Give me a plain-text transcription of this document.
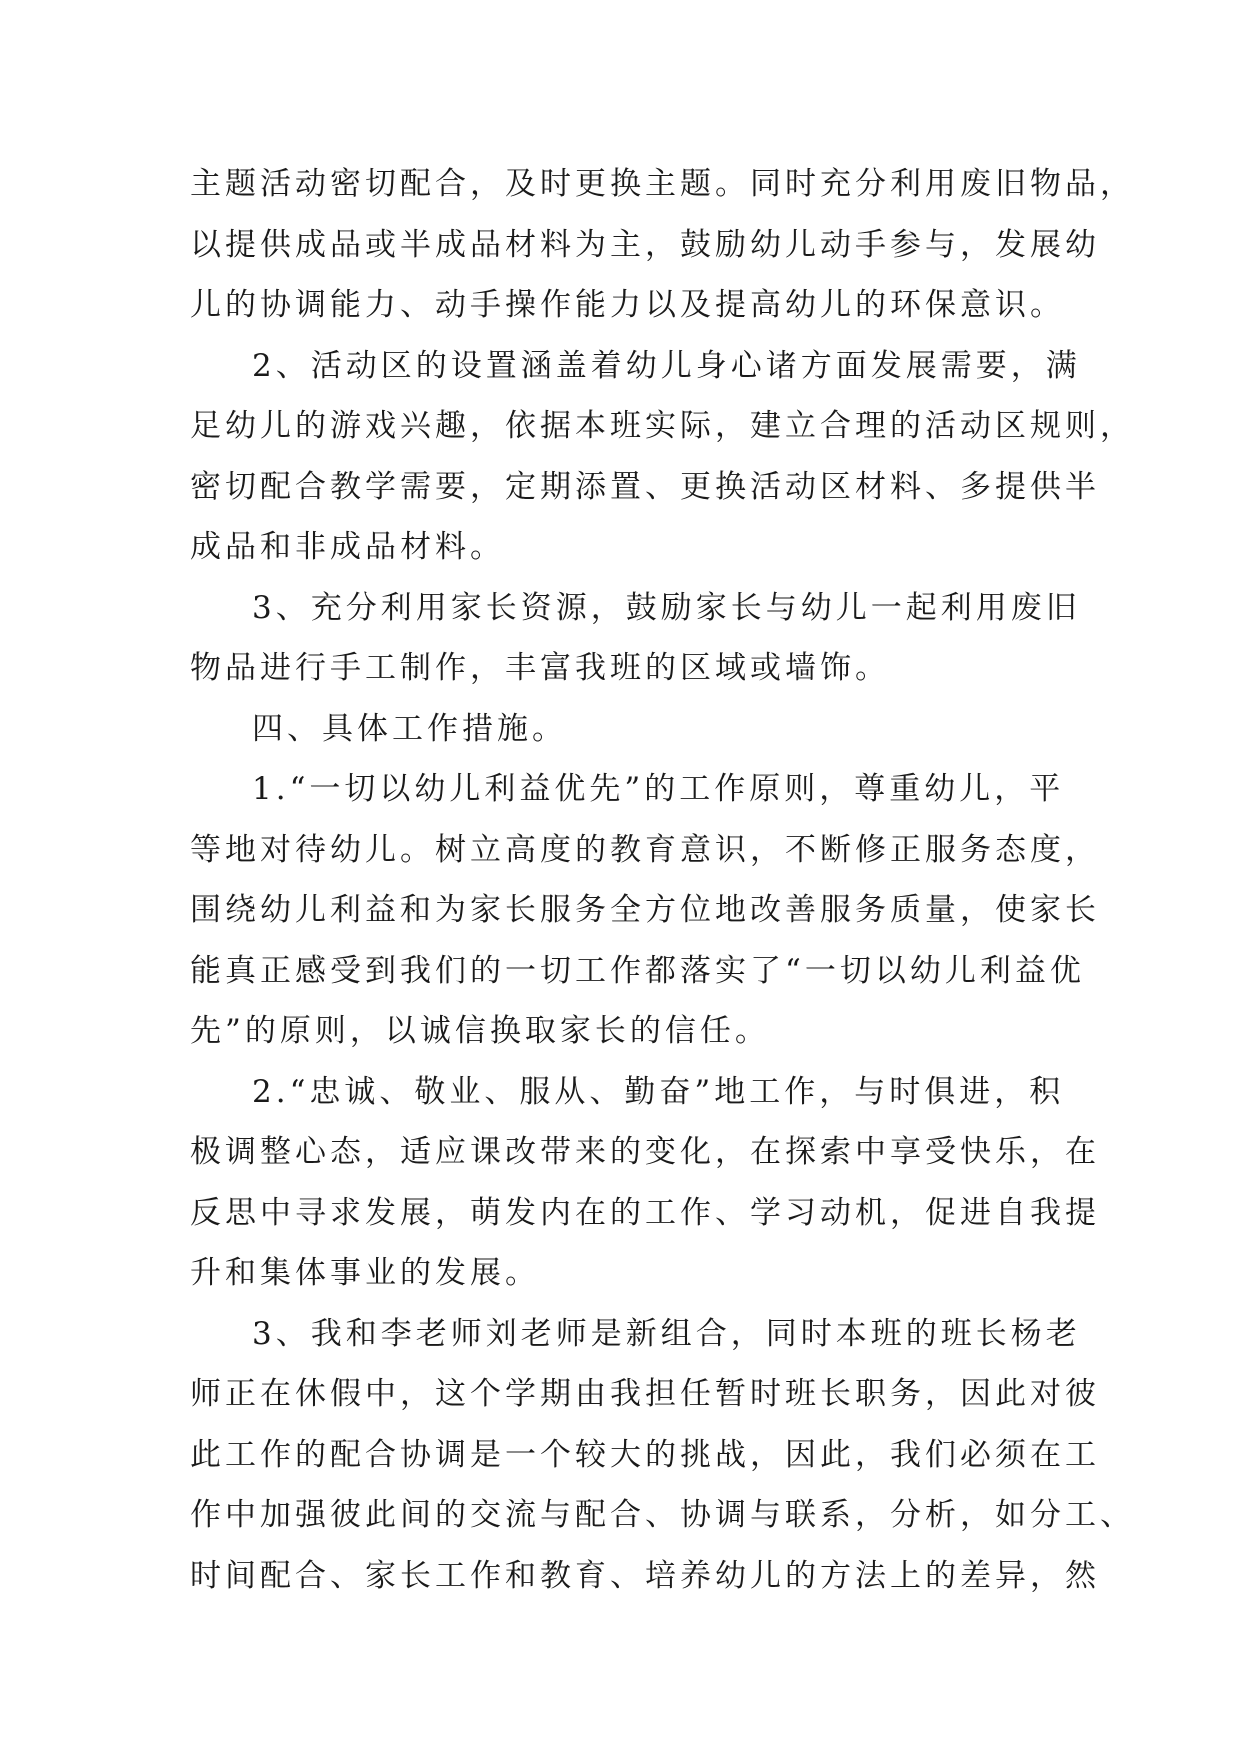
主题活动密切配合，及时更换主题。同时充分利用废旧物品，
以提供成品或半成品材料为主，鼓励幼儿动手参与，发展幼
儿的协调能力、动手操作能力以及提高幼儿的环保意识。
2、活动区的设置涵盖着幼儿身心诸方面发展需要，满
足幼儿的游戏兴趣，依据本班实际，建立合理的活动区规则，
密切配合教学需要，定期添置、更换活动区材料、多提供半
成品和非成品材料。
3、充分利用家长资源，鼓励家长与幼儿一起利用废旧
物品进行手工制作，丰富我班的区域或墙饰。
四、具体工作措施。
1.“一切以幼儿利益优先”的工作原则，尊重幼儿，平
等地对待幼儿。树立高度的教育意识，不断修正服务态度，
围绕幼儿利益和为家长服务全方位地改善服务质量，使家长
能真正感受到我们的一切工作都落实了“一切以幼儿利益优
先”的原则，以诚信换取家长的信任。
2.“忠诚、敬业、服从、勤奋”地工作，与时俱进，积
极调整心态，适应课改带来的变化，在探索中享受快乐，在
反思中寻求发展，萌发内在的工作、学习动机，促进自我提
升和集体事业的发展。
3、我和李老师刘老师是新组合，同时本班的班长杨老
师正在休假中，这个学期由我担任暂时班长职务，因此对彼
此工作的配合协调是一个较大的挑战，因此，我们必须在工
作中加强彼此间的交流与配合、协调与联系，分析，如分工、
时间配合、家长工作和教育、培养幼儿的方法上的差异，然
